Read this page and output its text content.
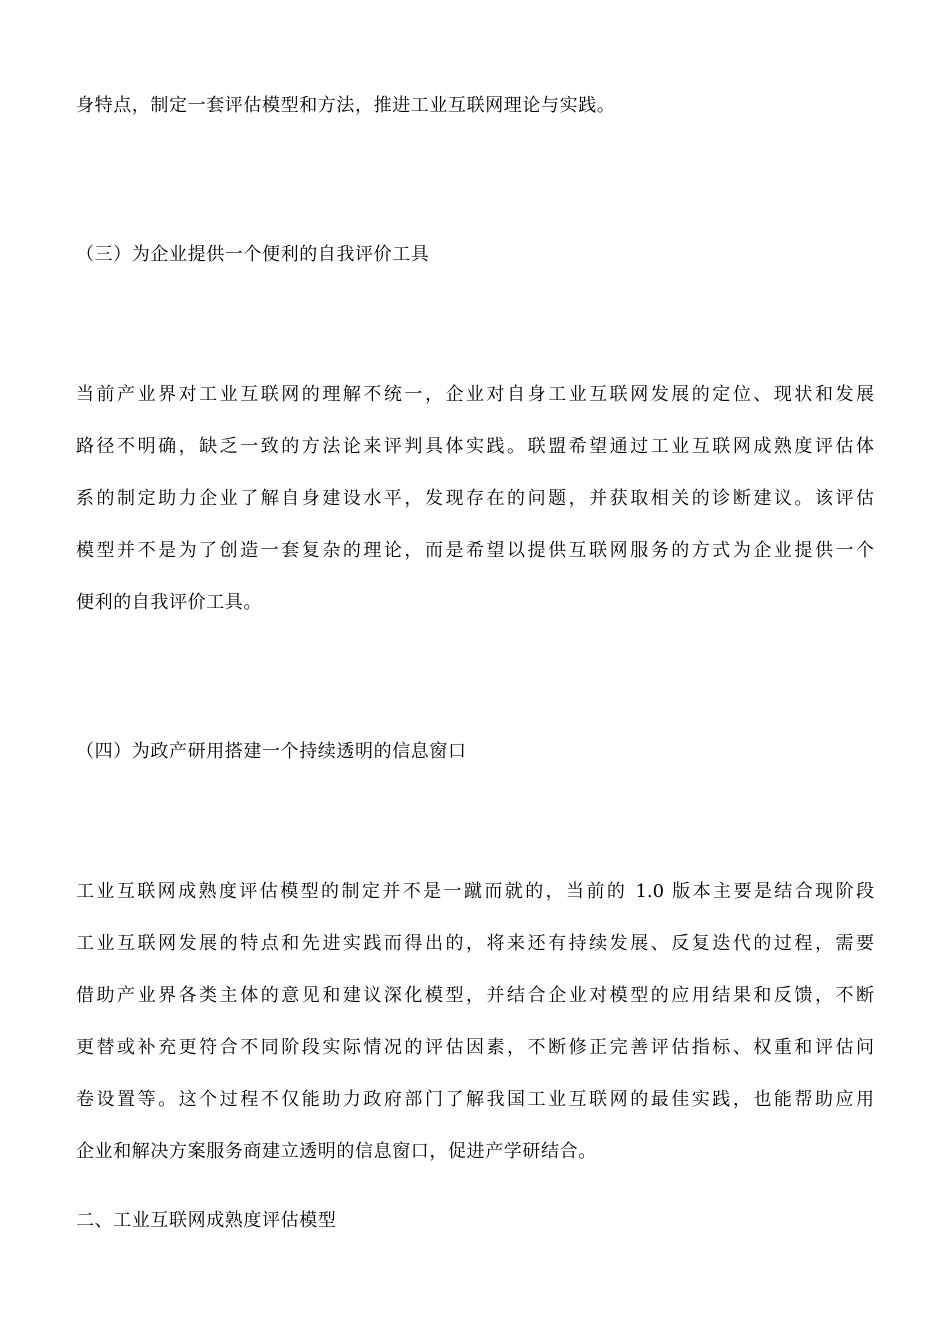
身特点，制定一套评估模型和方法，推进工业互联网理论与实践。
（三）为企业提供一个便利的自我评价工具
当前产业界对工业互联网的理解不统一，企业对自身工业互联网发展的定位、现状和发展
路径不明确，缺乏一致的方法论来评判具体实践。联盟希望通过工业互联网成熟度评估体
系的制定助力企业了解自身建设水平，发现存在的问题，并获取相关的诊断建议。该评估
模型并不是为了创造一套复杂的理论，而是希望以提供互联网服务的方式为企业提供一个
便利的自我评价工具。
（四）为政产研用搭建一个持续透明的信息窗口
工业互联网成熟度评估模型的制定并不是一蹴而就的，当前的 1.0 版本主要是结合现阶段
工业互联网发展的特点和先进实践而得出的，将来还有持续发展、反复迭代的过程，需要
借助产业界各类主体的意见和建议深化模型，并结合企业对模型的应用结果和反馈，不断
更替或补充更符合不同阶段实际情况的评估因素，不断修正完善评估指标、权重和评估问
卷设置等。这个过程不仅能助力政府部门了解我国工业互联网的最佳实践，也能帮助应用
企业和解决方案服务商建立透明的信息窗口，促进产学研结合。
二、工业互联网成熟度评估模型
